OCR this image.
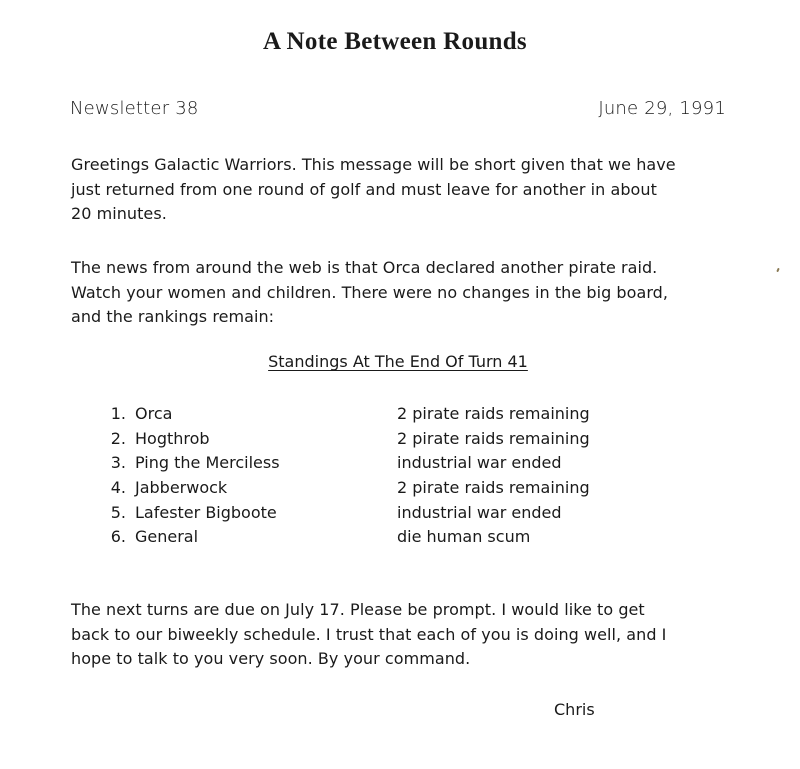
A Note Between Rounds
Newsletter 38	June 29, 1991

Greetings Galactic Warriors. This message will be short given that we have

just returned from one round of golf and must leave for another in about

20 minutes.

The news from around the web is that Orca declared another pirate raid.

Watch your women and children. There were no changes in the big board,

and the rankings remain:

Standings At The End Of Turn 41
1. Orca	2 pirate raids remaining
2. Hogthrob	2 pirate raids remaining
3. Ping the Merciless	industrial war ended
4. Jabberwock	2 pirate raids remaining
5. Lafester Bigboote	industrial war ended
6. General	die human scum

The next turns are due on July 17. Please be prompt. I would like to get

back to our biweekly schedule. I trust that each of you is doing well, and I

hope to talk to you very soon. By your command.

Chris
